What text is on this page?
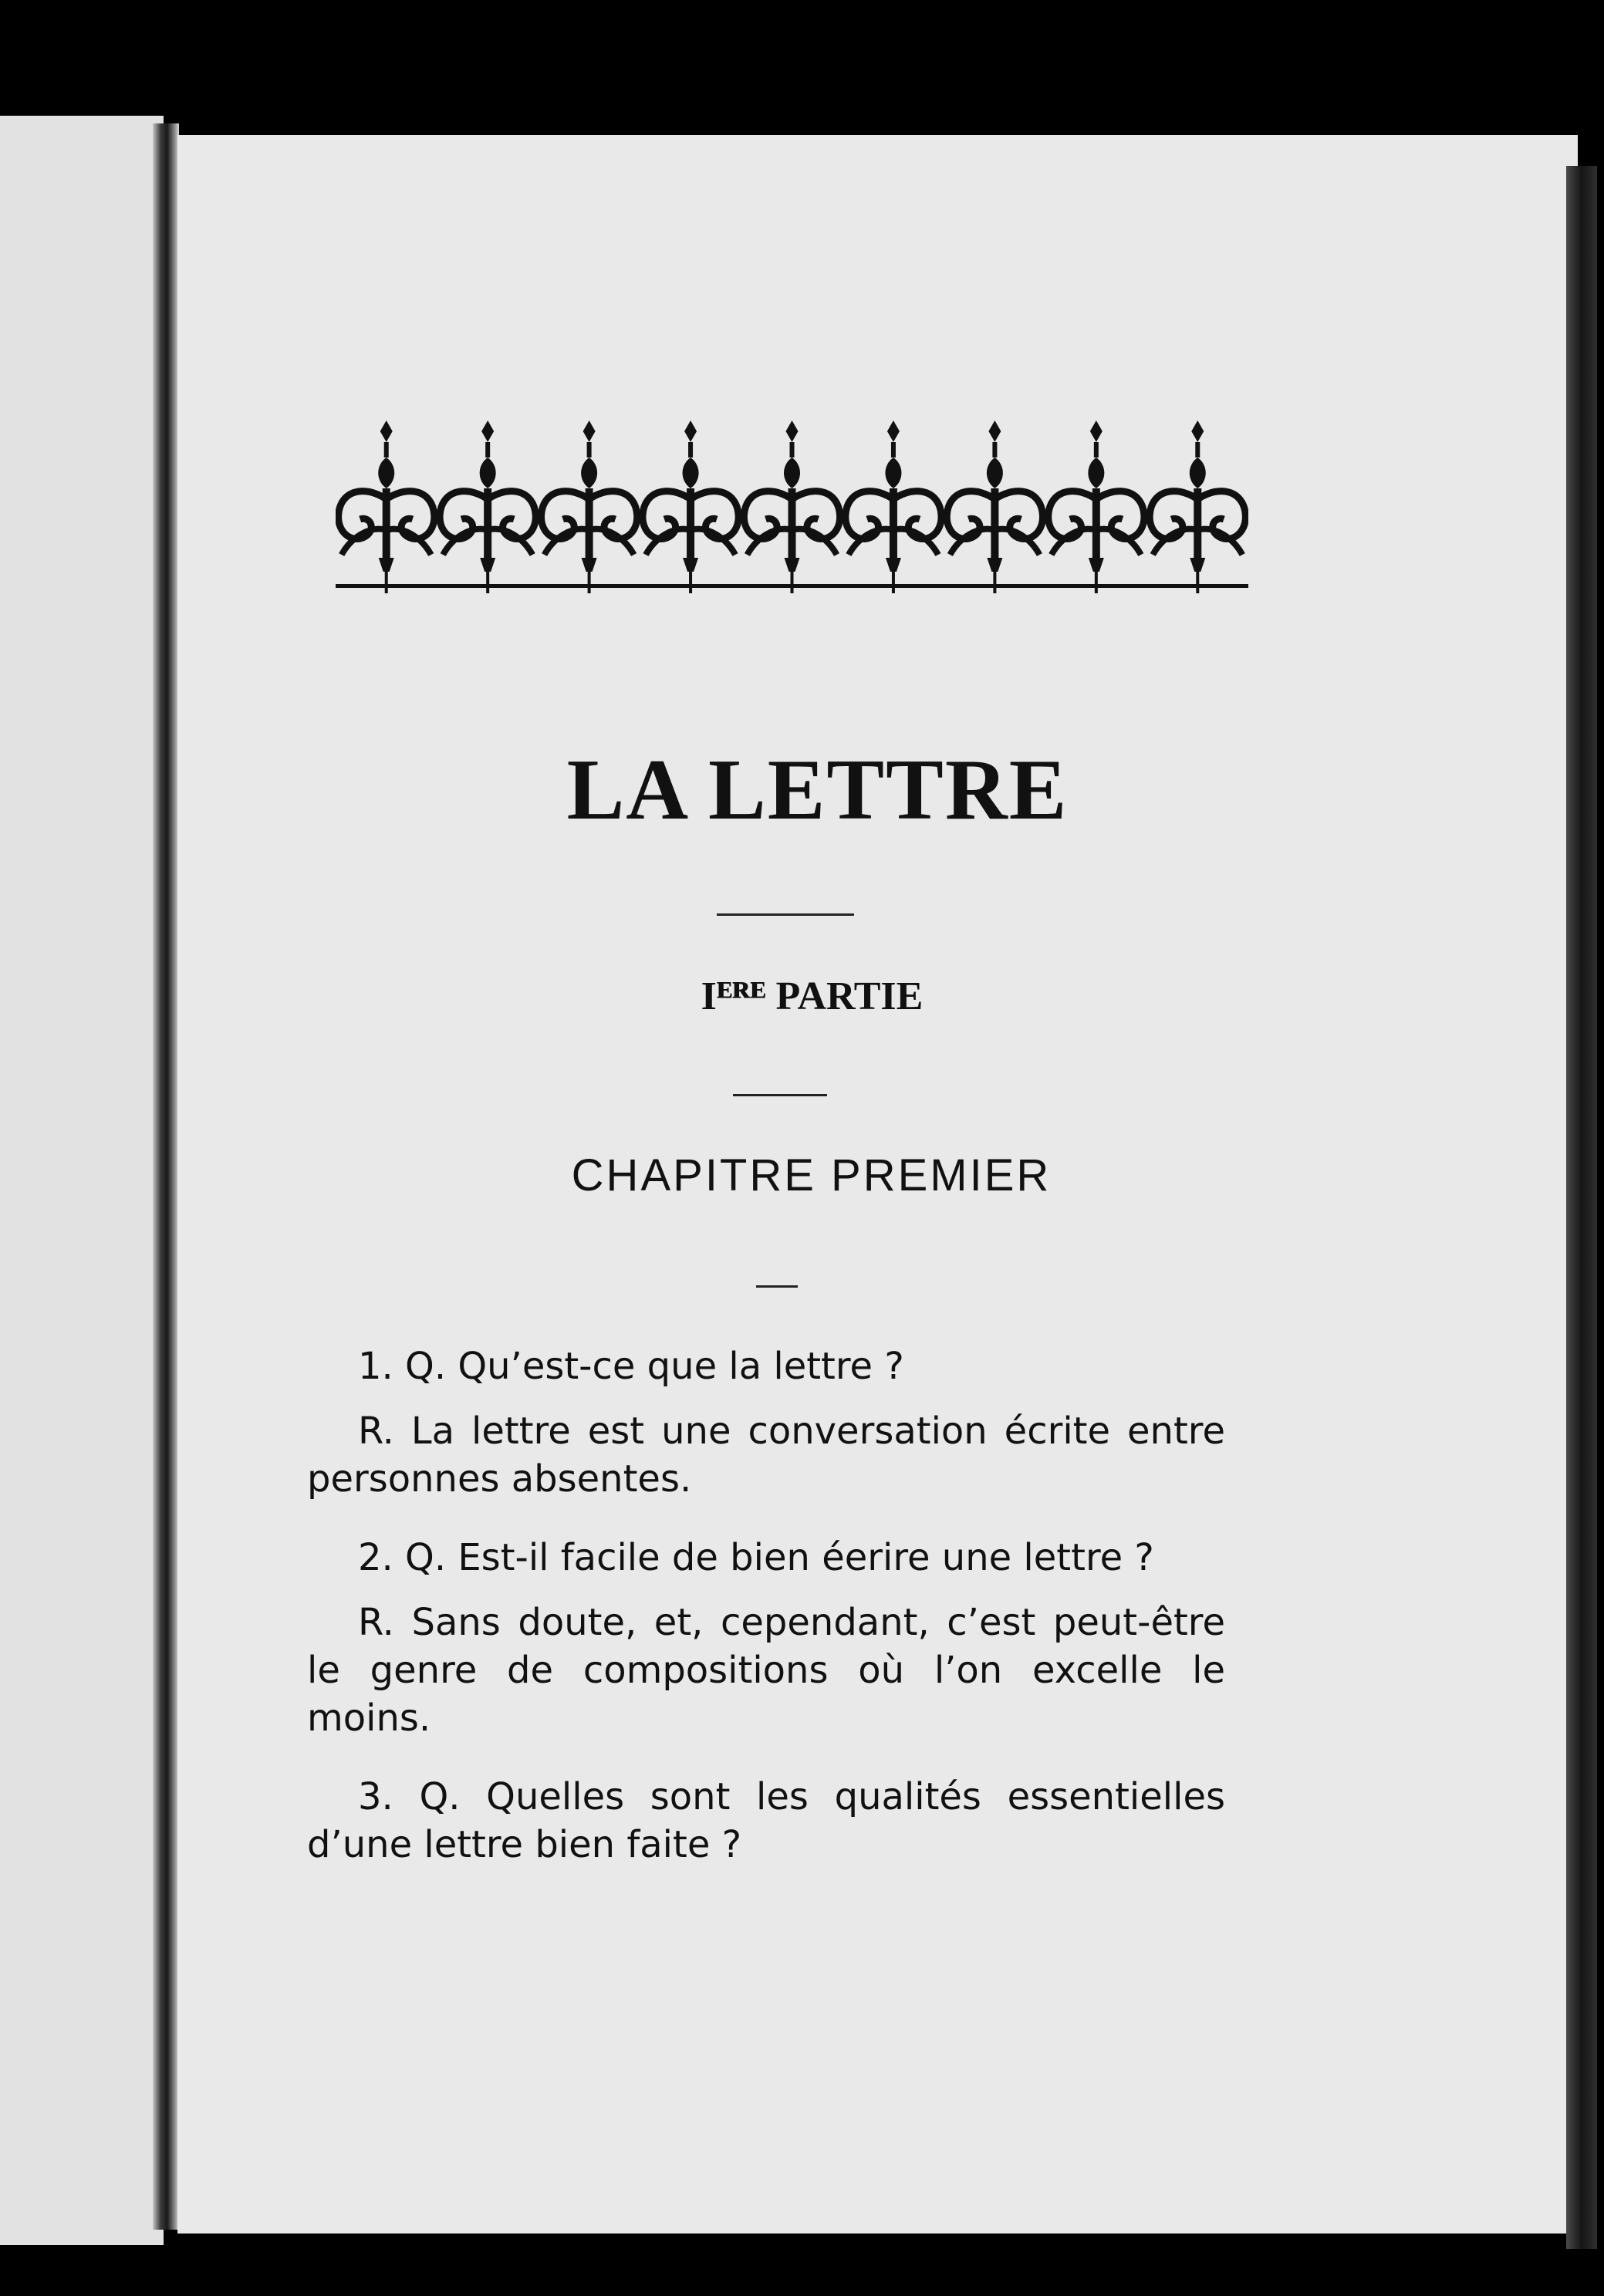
LA LETTRE
Iᴱᴿᴱ PARTIE
CHAPITRE PREMIER

1. Q. Qu’est-ce que la lettre ?

R. La lettre est une conversation écrite entre personnes absentes.

2. Q. Est-il facile de bien éerire une lettre ?

R. Sans doute, et, cependant, c’est peut-être le genre de compositions où l’on excelle le moins.

3. Q. Quelles sont les qualités essentielles d’une lettre bien faite ?
